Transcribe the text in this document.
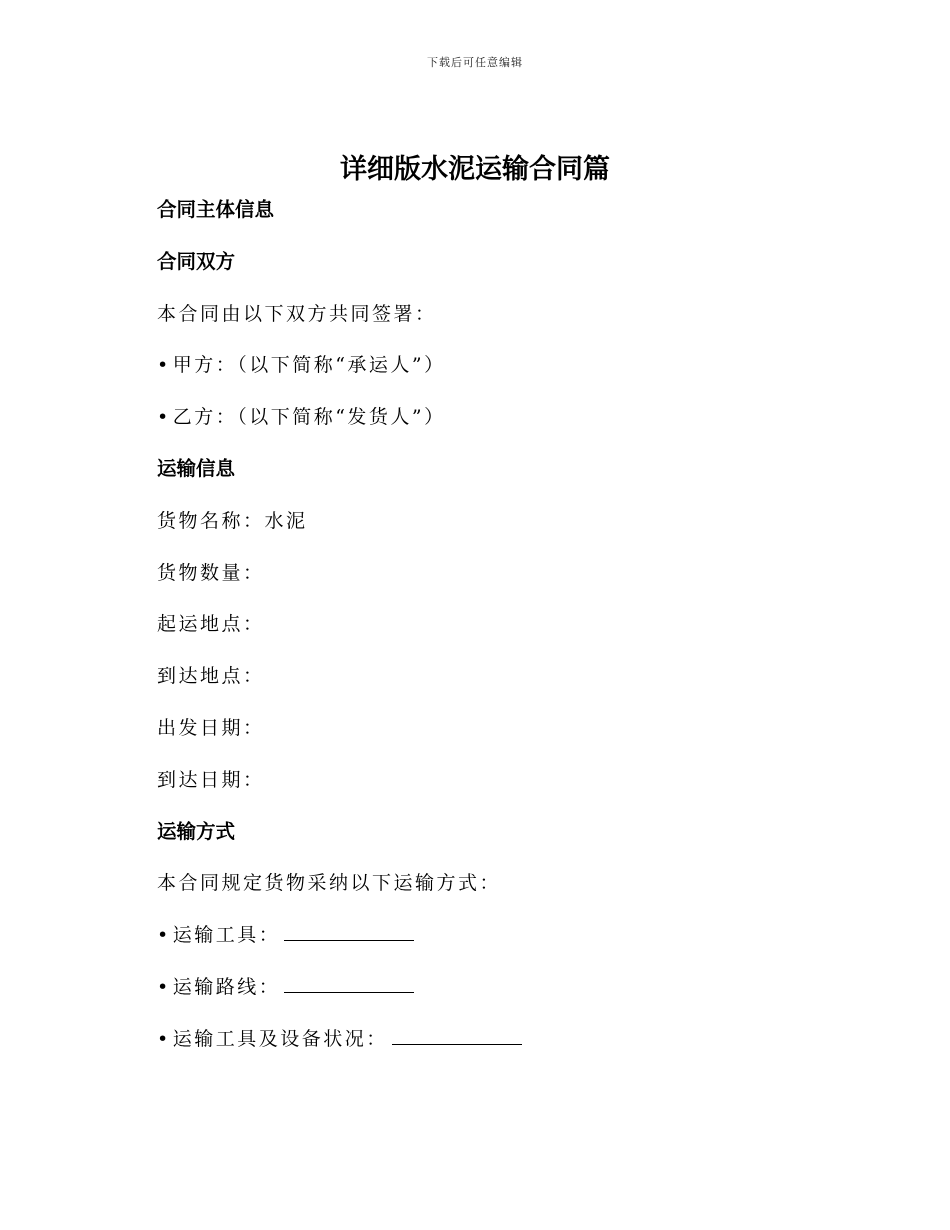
下载后可任意编辑
详细版水泥运输合同篇
合同主体信息
合同双方
本合同由以下双方共同签署：
• 甲方：（以下简称“承运人”）
• 乙方：（以下简称“发货人”）
运输信息
货物名称：水泥
货物数量：
起运地点：
到达地点：
出发日期：
到达日期：
运输方式
本合同规定货物采纳以下运输方式：
• 运输工具：
• 运输路线：
• 运输工具及设备状况：
